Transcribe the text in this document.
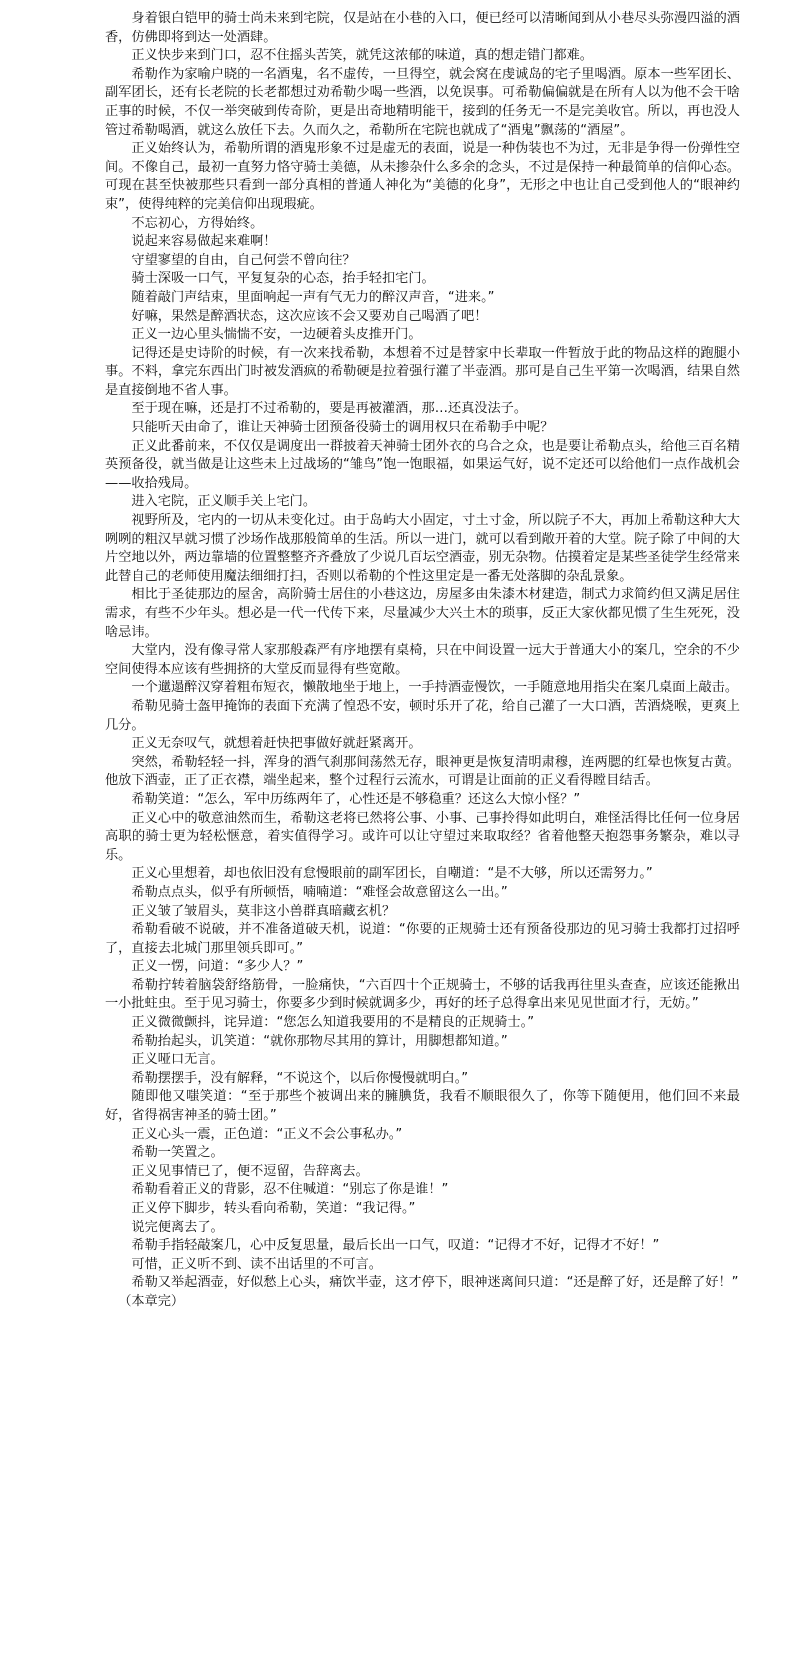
身着银白铠甲的骑士尚未来到宅院，仅是站在小巷的入口，便已经可以清晰闻到从小巷尽头弥漫四溢的酒香，仿佛即将到达一处酒肆。

正义快步来到门口，忍不住摇头苦笑，就凭这浓郁的味道，真的想走错门都难。

希勒作为家喻户晓的一名酒鬼，名不虚传，一旦得空，就会窝在虔诚岛的宅子里喝酒。原本一些军团长、副军团长，还有长老院的长老都想过劝希勒少喝一些酒，以免误事。可希勒偏偏就是在所有人以为他不会干啥正事的时候，不仅一举突破到传奇阶，更是出奇地精明能干，接到的任务无一不是完美收官。所以，再也没人管过希勒喝酒，就这么放任下去。久而久之，希勒所在宅院也就成了“酒鬼”飘荡的“酒屋”。

正义始终认为，希勒所谓的酒鬼形象不过是虚无的表面，说是一种伪装也不为过，无非是争得一份弹性空间。不像自己，最初一直努力恪守骑士美德，从未掺杂什么多余的念头，不过是保持一种最简单的信仰心态。可现在甚至快被那些只看到一部分真相的普通人神化为“美德的化身”，无形之中也让自己受到他人的“眼神约束”，使得纯粹的完美信仰出现瑕疵。

不忘初心，方得始终。

说起来容易做起来难啊！

守望寥望的自由，自己何尝不曾向往？

骑士深吸一口气，平复复杂的心态，抬手轻扣宅门。

随着敲门声结束，里面响起一声有气无力的醉汉声音，“进来。”

好嘛，果然是醉酒状态，这次应该不会又要劝自己喝酒了吧！

正义一边心里头惴惴不安，一边硬着头皮推开门。

记得还是史诗阶的时候，有一次来找希勒，本想着不过是替家中长辈取一件暂放于此的物品这样的跑腿小事。不料，拿完东西出门时被发酒疯的希勒硬是拉着强行灌了半壶酒。那可是自己生平第一次喝酒，结果自然是直接倒地不省人事。

至于现在嘛，还是打不过希勒的，要是再被灌酒，那…还真没法子。

只能听天由命了，谁让天神骑士团预备役骑士的调用权只在希勒手中呢？

正义此番前来，不仅仅是调度出一群披着天神骑士团外衣的乌合之众，也是要让希勒点头，给他三百名精英预备役，就当做是让这些未上过战场的“雏鸟”饱一饱眼福，如果运气好，说不定还可以给他们一点作战机会——收拾残局。

进入宅院，正义顺手关上宅门。

视野所及，宅内的一切从未变化过。由于岛屿大小固定，寸土寸金，所以院子不大，再加上希勒这种大大咧咧的粗汉早就习惯了沙场作战那般简单的生活。所以一进门，就可以看到敞开着的大堂。院子除了中间的大片空地以外，两边靠墙的位置整整齐齐叠放了少说几百坛空酒壶，别无杂物。估摸着定是某些圣徒学生经常来此替自己的老师使用魔法细细打扫，否则以希勒的个性这里定是一番无处落脚的杂乱景象。

相比于圣徒那边的屋舍，高阶骑士居住的小巷这边，房屋多由朱漆木材建造，制式力求简约但又满足居住需求，有些不少年头。想必是一代一代传下来，尽量减少大兴土木的琐事，反正大家伙都见惯了生生死死，没啥忌讳。

大堂内，没有像寻常人家那般森严有序地摆有桌椅，只在中间设置一远大于普通大小的案几，空余的不少空间使得本应该有些拥挤的大堂反而显得有些宽敞。

一个邋遢醉汉穿着粗布短衣，懒散地坐于地上，一手持酒壶慢饮，一手随意地用指尖在案几桌面上敲击。

希勒见骑士盔甲掩饰的表面下充满了惶恐不安，顿时乐开了花，给自己灌了一大口酒，苦酒烧喉，更爽上几分。

正义无奈叹气，就想着赶快把事做好就赶紧离开。

突然，希勒轻轻一抖，浑身的酒气刹那间荡然无存，眼神更是恢复清明肃穆，连两腮的红晕也恢复古黄。他放下酒壶，正了正衣襟，端坐起来，整个过程行云流水，可谓是让面前的正义看得瞠目结舌。

希勒笑道：“怎么，军中历练两年了，心性还是不够稳重？还这么大惊小怪？”

正义心中的敬意油然而生，希勒这老将已然将公事、小事、己事拎得如此明白，难怪活得比任何一位身居高职的骑士更为轻松惬意，着实值得学习。或许可以让守望过来取取经？省着他整天抱怨事务繁杂，难以寻乐。

正义心里想着，却也依旧没有怠慢眼前的副军团长，自嘲道：“是不大够，所以还需努力。”

希勒点点头，似乎有所顿悟，喃喃道：“难怪会故意留这么一出。”

正义皱了皱眉头，莫非这小兽群真暗藏玄机？

希勒看破不说破，并不准备道破天机，说道：“你要的正规骑士还有预备役那边的见习骑士我都打过招呼了，直接去北城门那里领兵即可。”

正义一愣，问道：“多少人？”

希勒拧转着脑袋舒络筋骨，一脸痛快，“六百四十个正规骑士，不够的话我再往里头查查，应该还能揪出一小批蛀虫。至于见习骑士，你要多少到时候就调多少，再好的坯子总得拿出来见见世面才行，无妨。”

正义微微颤抖，诧异道：“您怎么知道我要用的不是精良的正规骑士。”

希勒抬起头，讥笑道：“就你那物尽其用的算计，用脚想都知道。”

正义哑口无言。

希勒摆摆手，没有解释，“不说这个，以后你慢慢就明白。”

随即他又嗤笑道：“至于那些个被调出来的臃腆货，我看不顺眼很久了，你等下随便用，他们回不来最好，省得祸害神圣的骑士团。”

正义心头一震，正色道：“正义不会公事私办。”

希勒一笑置之。

正义见事情已了，便不逗留，告辞离去。

希勒看着正义的背影，忍不住喊道：“别忘了你是谁！”

正义停下脚步，转头看向希勒，笑道：“我记得。”

说完便离去了。

希勒手指轻敲案几，心中反复思量，最后长出一口气，叹道：“记得才不好，记得才不好！”

可惜，正义听不到、读不出话里的不可言。

希勒又举起酒壶，好似愁上心头，痛饮半壶，这才停下，眼神迷离间只道：“还是醉了好，还是醉了好！”

（本章完）
